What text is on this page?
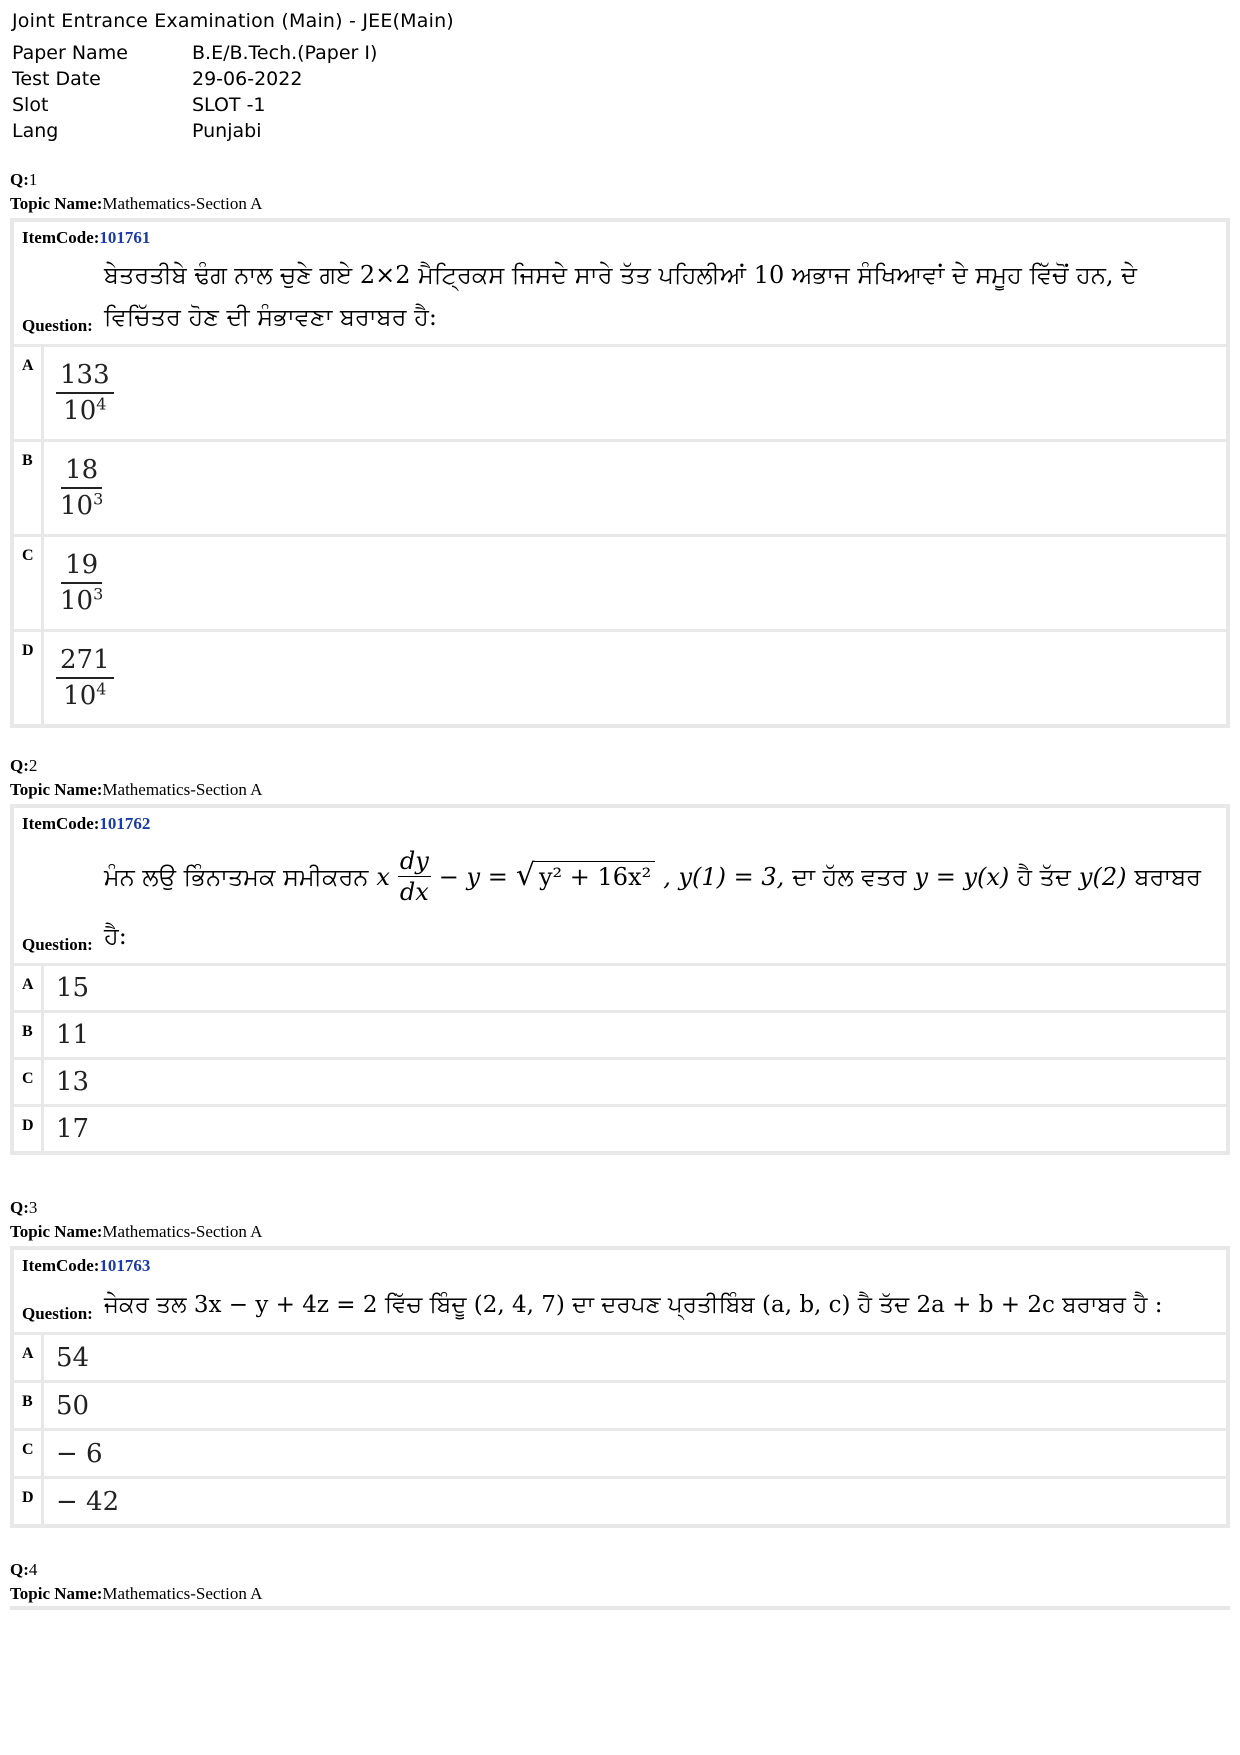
Joint Entrance Examination (Main) - JEE(Main)
Paper Name	B.E/B.Tech.(Paper I)
Test Date	29-06-2022
Slot	SLOT -1
Lang	Punjabi
Q:1
Topic Name:Mathematics-Section A
ItemCode:101761
Question:
ਬੇਤਰਤੀਬੇ ਢੰਗ ਨਾਲ ਚੁਣੇ ਗਏ 2×2 ਮੈਟ੍ਰਿਕਸ ਜਿਸਦੇ ਸਾਰੇ ਤੱਤ ਪਹਿਲੀਆਂ 10 ਅਭਾਜ ਸੰਖਿਆਵਾਂ ਦੇ ਸਮੂਹ ਵਿੱਚੋਂ ਹਨ, ਦੇ
ਵਿਚਿੱਤਰ ਹੋਣ ਦੀ ਸੰਭਾਵਣਾ ਬਰਾਬਰ ਹੈ:
A $\frac{133}{10^4}$
B $\frac{18}{10^3}$
C $\frac{19}{10^3}$
D $\frac{271}{10^4}$
Q:2
Topic Name:Mathematics-Section A
ItemCode:101762
Question:
ਮੰਨ ਲਉ ਭਿੰਨਾਤਮਕ ਸਮੀਕਰਨ x $\frac{dy}{dx} - y$ = √ y² + 16x² , y(1) = 3, ਦਾ ਹੱਲ ਵਤਰ y = y(x) ਹੈ ਤੱਦ y(2) ਬਰਾਬਰ
ਹੈ:
A 15
B 11
C 13
D 17
Q:3
Topic Name:Mathematics-Section A
ItemCode:101763
Question: ਜੇਕਰ ਤਲ 3x − y + 4z = 2 ਵਿੱਚ ਬਿੰਦੂ (2, 4, 7) ਦਾ ਦਰਪਣ ਪ੍ਰਤੀਬਿੰਬ (a, b, c) ਹੈ ਤੱਦ 2a + b + 2c ਬਰਾਬਰ ਹੈ :
A 54
B 50
C − 6
D − 42
Q:4
Topic Name:Mathematics-Section A
